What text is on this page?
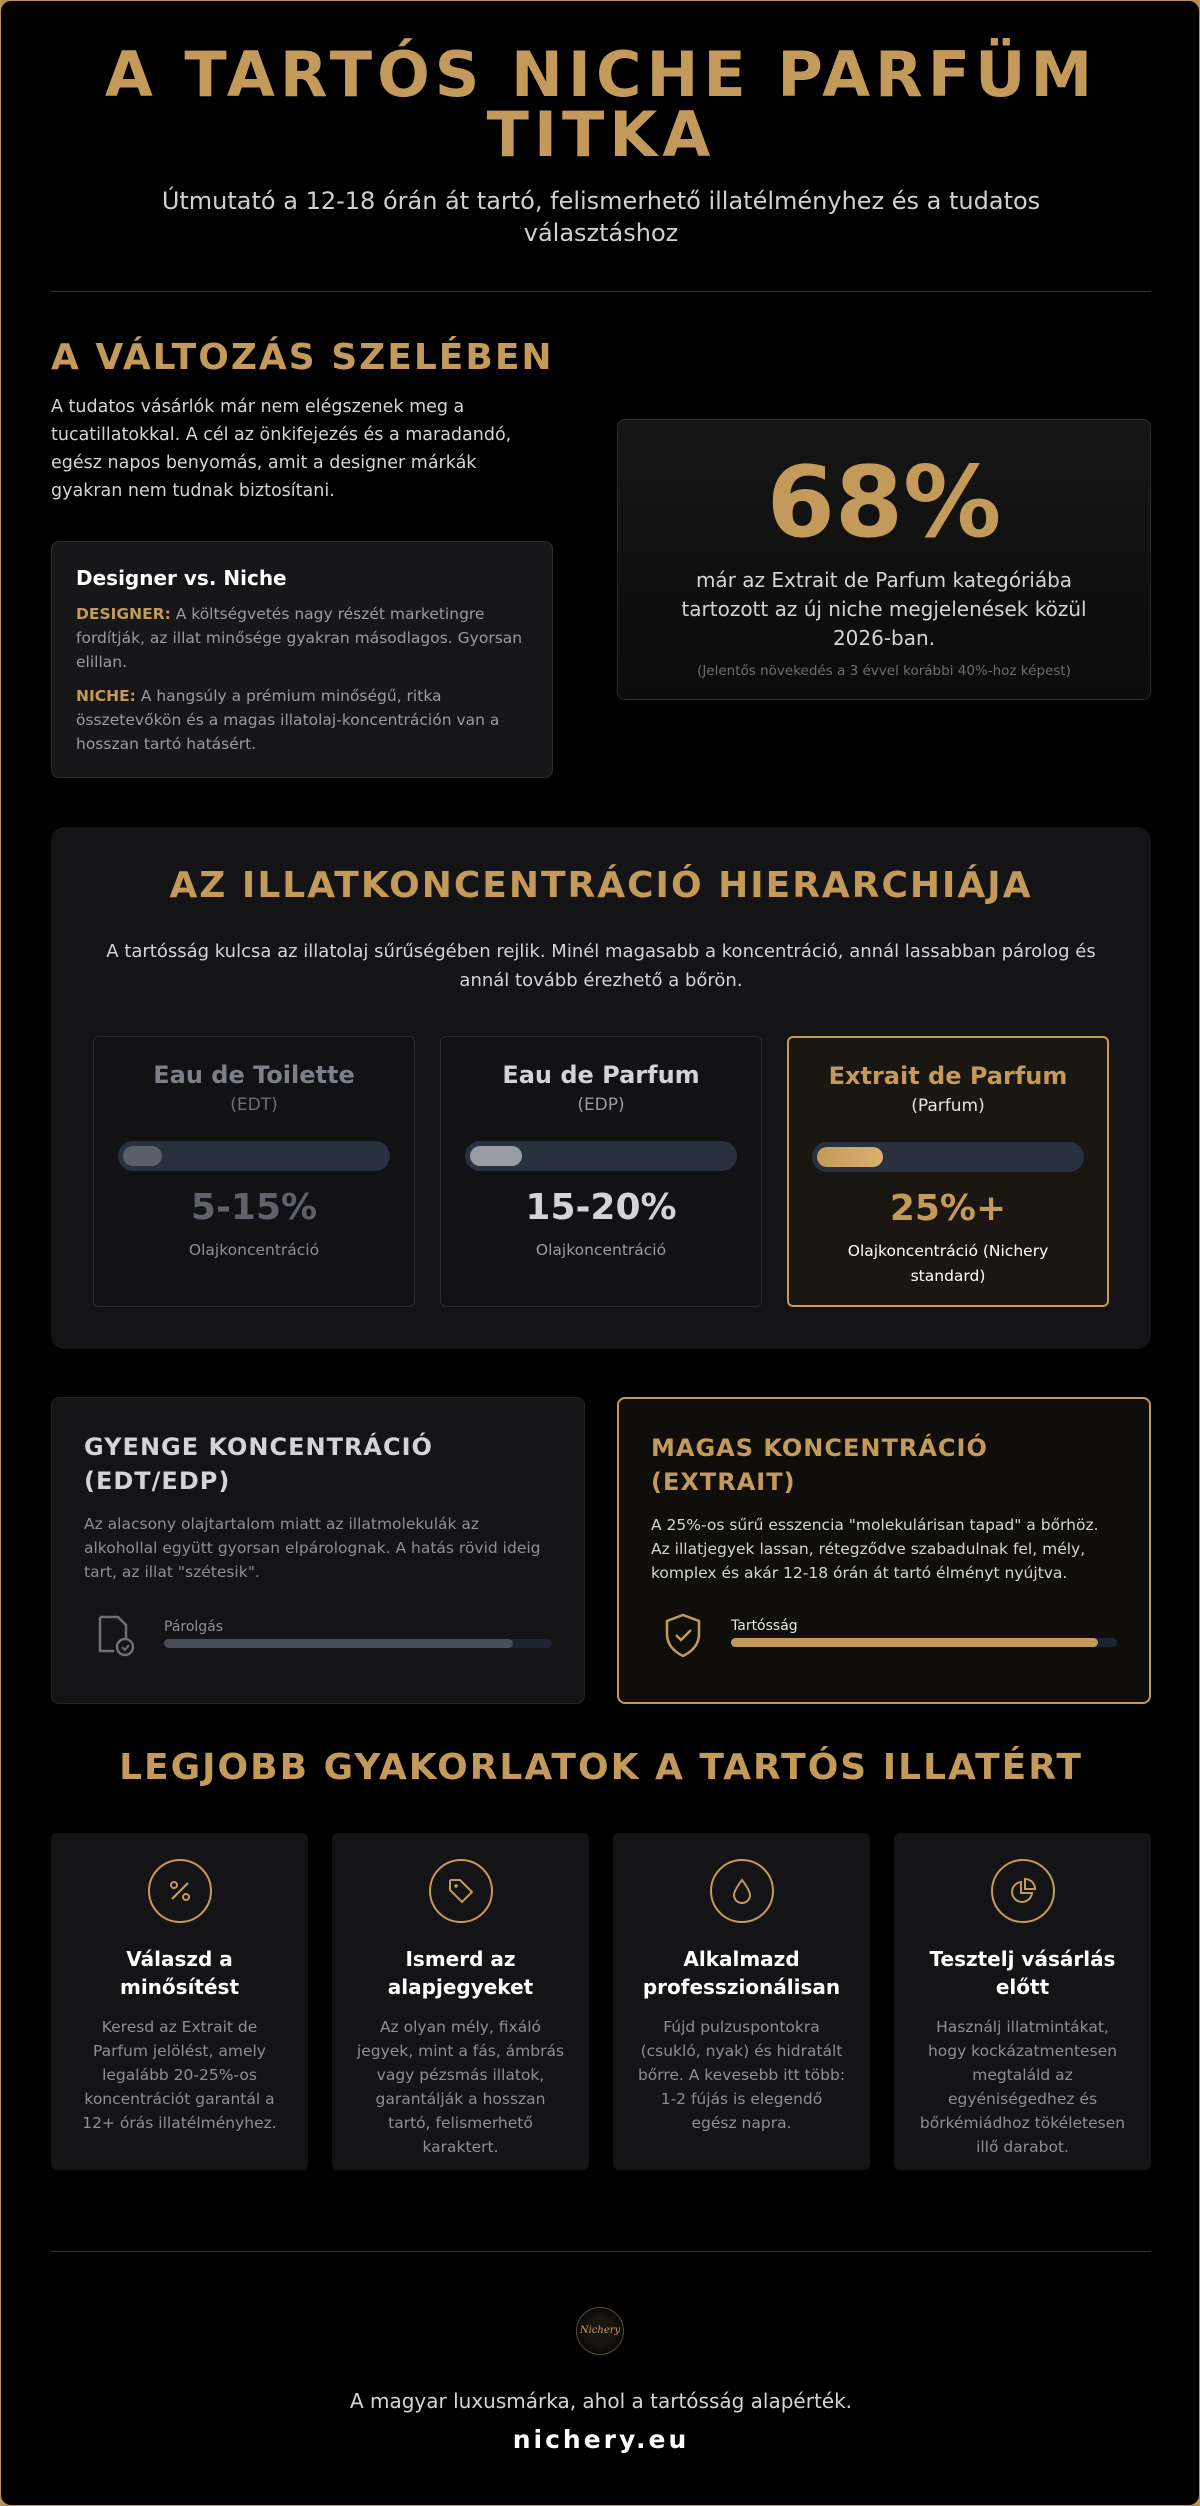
A TARTÓS NICHE PARFÜM TITKA

Útmutató a 12-18 órán át tartó, felismerhető illatélményhez és a tudatos választáshoz

A VÁLTOZÁS SZELÉBEN

A tudatos vásárlók már nem elégszenek meg a tucatillatokkal. A cél az önkifejezés és a maradandó, egész napos benyomás, amit a designer márkák gyakran nem tudnak biztosítani.

Designer vs. Niche

DESIGNER: A költségvetés nagy részét marketingre fordítják, az illat minősége gyakran másodlagos. Gyorsan elillan.

NICHE: A hangsúly a prémium minőségű, ritka összetevőkön és a magas illatolaj-koncentráción van a hosszan tartó hatásért.

68%
már az Extrait de Parfum kategóriába tartozott az új niche megjelenések közül 2026-ban.
(Jelentős növekedés a 3 évvel korábbi 40%-hoz képest)
AZ ILLATKONCENTRÁCIÓ HIERARCHIÁJA

A tartósság kulcsa az illatolaj sűrűségében rejlik. Minél magasabb a koncentráció, annál lassabban párolog és annál tovább érezhető a bőrön.

Eau de Toilette
(EDT)
5-15%
Olajkoncentráció
Eau de Parfum
(EDP)
15-20%
Olajkoncentráció
Extrait de Parfum
(Parfum)
25%+
Olajkoncentráció (Nichery standard)
GYENGE KONCENTRÁCIÓ (EDT/EDP)

Az alacsony olajtartalom miatt az illatmolekulák az alkohollal együtt gyorsan elpárolognak. A hatás rövid ideig tart, az illat "szétesik".

Párolgás
MAGAS KONCENTRÁCIÓ (EXTRAIT)

A 25%-os sűrű esszencia "molekulárisan tapad" a bőrhöz. Az illatjegyek lassan, rétegződve szabadulnak fel, mély, komplex és akár 12-18 órán át tartó élményt nyújtva.

Tartósság
LEGJOBB GYAKORLATOK A TARTÓS ILLATÉRT
Válaszd a minősítést

Keresd az Extrait de Parfum jelölést, amely legalább 20-25%-os koncentrációt garantál a 12+ órás illatélményhez.

Ismerd az alapjegyeket

Az olyan mély, fixáló jegyek, mint a fás, ámbrás vagy pézsmás illatok, garantálják a hosszan tartó, felismerhető karaktert.

Alkalmazd professzionálisan

Fújd pulzuspontokra (csukló, nyak) és hidratált bőrre. A kevesebb itt több: 1-2 fújás is elegendő egész napra.

Tesztelj vásárlás előtt

Használj illatmintákat, hogy kockázatmentesen megtaláld az egyéniségedhez és bőrkémiádhoz tökéletesen illő darabot.

Nichery

A magyar luxusmárka, ahol a tartósság alapérték.

nichery.eu
